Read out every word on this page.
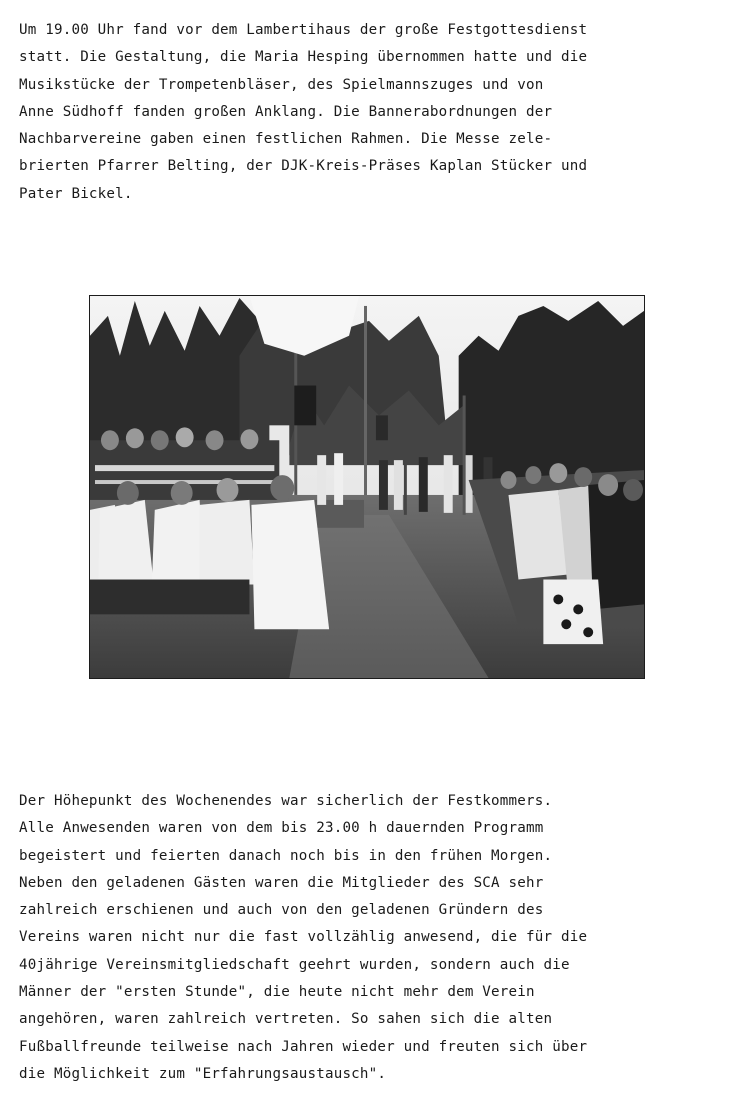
Um 19.00 Uhr fand vor dem Lambertihaus der große Festgottesdienst
statt. Die Gestaltung, die Maria Hesping übernommen hatte und die
Musikstücke der Trompetenbläser, des Spielmannszuges und von
Anne Südhoff fanden großen Anklang. Die Bannerabordnungen der
Nachbarvereine gaben einen festlichen Rahmen. Die Messe zele-
brierten Pfarrer Belting, der DJK-Kreis-Präses Kaplan Stücker und
Pater Bickel.
Der Höhepunkt des Wochenendes war sicherlich der Festkommers.
Alle Anwesenden waren von dem bis 23.00 h dauernden Programm
begeistert und feierten danach noch bis in den frühen Morgen.
Neben den geladenen Gästen waren die Mitglieder des SCA sehr
zahlreich erschienen und auch von den geladenen Gründern des
Vereins waren nicht nur die fast vollzählig anwesend, die für die
40jährige Vereinsmitgliedschaft geehrt wurden, sondern auch die
Männer der "ersten Stunde", die heute nicht mehr dem Verein
angehören, waren zahlreich vertreten. So sahen sich die alten
Fußballfreunde teilweise nach Jahren wieder und freuten sich über
die Möglichkeit zum "Erfahrungsaustausch".
